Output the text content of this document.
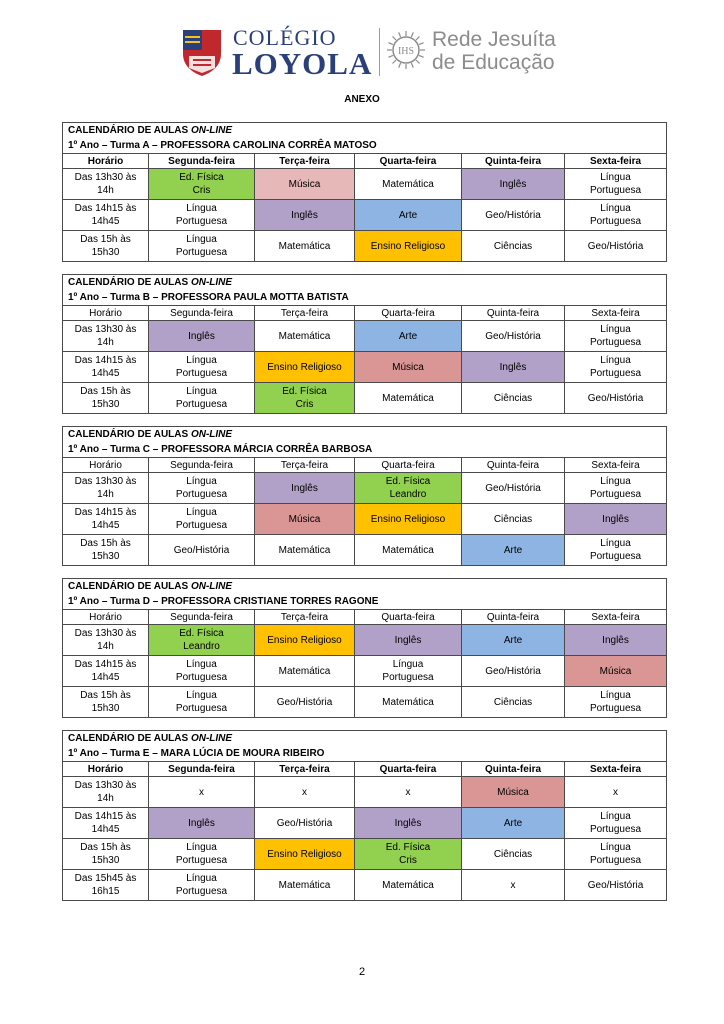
COLÉGIO
LOYOLA	IHS
Rede Jesuíta
de Educação
ANEXO
CALENDÁRIO DE AULAS ON-LINE					
1º Ano – Turma A – PROFESSORA CAROLINA CORRÊA MATOSO					
Horário	Segunda-feira	Terça-feira	Quarta-feira	Quinta-feira	Sexta-feira
Das 13h30 às
14h	Ed. Física
Cris	Música	Matemática	Inglês	Língua
Portuguesa
Das 14h15 às
14h45	Língua
Portuguesa	Inglês	Arte	Geo/História	Língua
Portuguesa
Das 15h às
15h30	Língua
Portuguesa	Matemática	Ensino Religioso	Ciências	Geo/História
CALENDÁRIO DE AULAS ON-LINE					
1º Ano – Turma B – PROFESSORA PAULA MOTTA BATISTA					
Horário	Segunda-feira	Terça-feira	Quarta-feira	Quinta-feira	Sexta-feira
Das 13h30 às
14h	Inglês	Matemática	Arte	Geo/História	Língua
Portuguesa
Das 14h15 às
14h45	Língua
Portuguesa	Ensino Religioso	Música	Inglês	Língua
Portuguesa
Das 15h às
15h30	Língua
Portuguesa	Ed. Física
Cris	Matemática	Ciências	Geo/História
CALENDÁRIO DE AULAS ON-LINE					
1º Ano – Turma C – PROFESSORA MÁRCIA CORRÊA BARBOSA					
Horário	Segunda-feira	Terça-feira	Quarta-feira	Quinta-feira	Sexta-feira
Das 13h30 às
14h	Língua
Portuguesa	Inglês	Ed. Física
Leandro	Geo/História	Língua
Portuguesa
Das 14h15 às
14h45	Língua
Portuguesa	Música	Ensino Religioso	Ciências	Inglês
Das 15h às
15h30	Geo/História	Matemática	Matemática	Arte	Língua
Portuguesa
CALENDÁRIO DE AULAS ON-LINE					
1º Ano – Turma D – PROFESSORA CRISTIANE TORRES RAGONE					
Horário	Segunda-feira	Terça-feira	Quarta-feira	Quinta-feira	Sexta-feira
Das 13h30 às
14h	Ed. Física
Leandro	Ensino Religioso	Inglês	Arte	Inglês
Das 14h15 às
14h45	Língua
Portuguesa	Matemática	Língua
Portuguesa	Geo/História	Música
Das 15h às
15h30	Língua
Portuguesa	Geo/História	Matemática	Ciências	Língua
Portuguesa
CALENDÁRIO DE AULAS ON-LINE					
1º Ano – Turma E – MARA LÚCIA DE MOURA RIBEIRO					
Horário	Segunda-feira	Terça-feira	Quarta-feira	Quinta-feira	Sexta-feira
Das 13h30 às
14h	x	x	x	Música	x
Das 14h15 às
14h45	Inglês	Geo/História	Inglês	Arte	Língua
Portuguesa
Das 15h às
15h30	Língua
Portuguesa	Ensino Religioso	Ed. Física
Cris	Ciências	Língua
Portuguesa
Das 15h45 às
16h15	Língua
Portuguesa	Matemática	Matemática	x	Geo/História
2
